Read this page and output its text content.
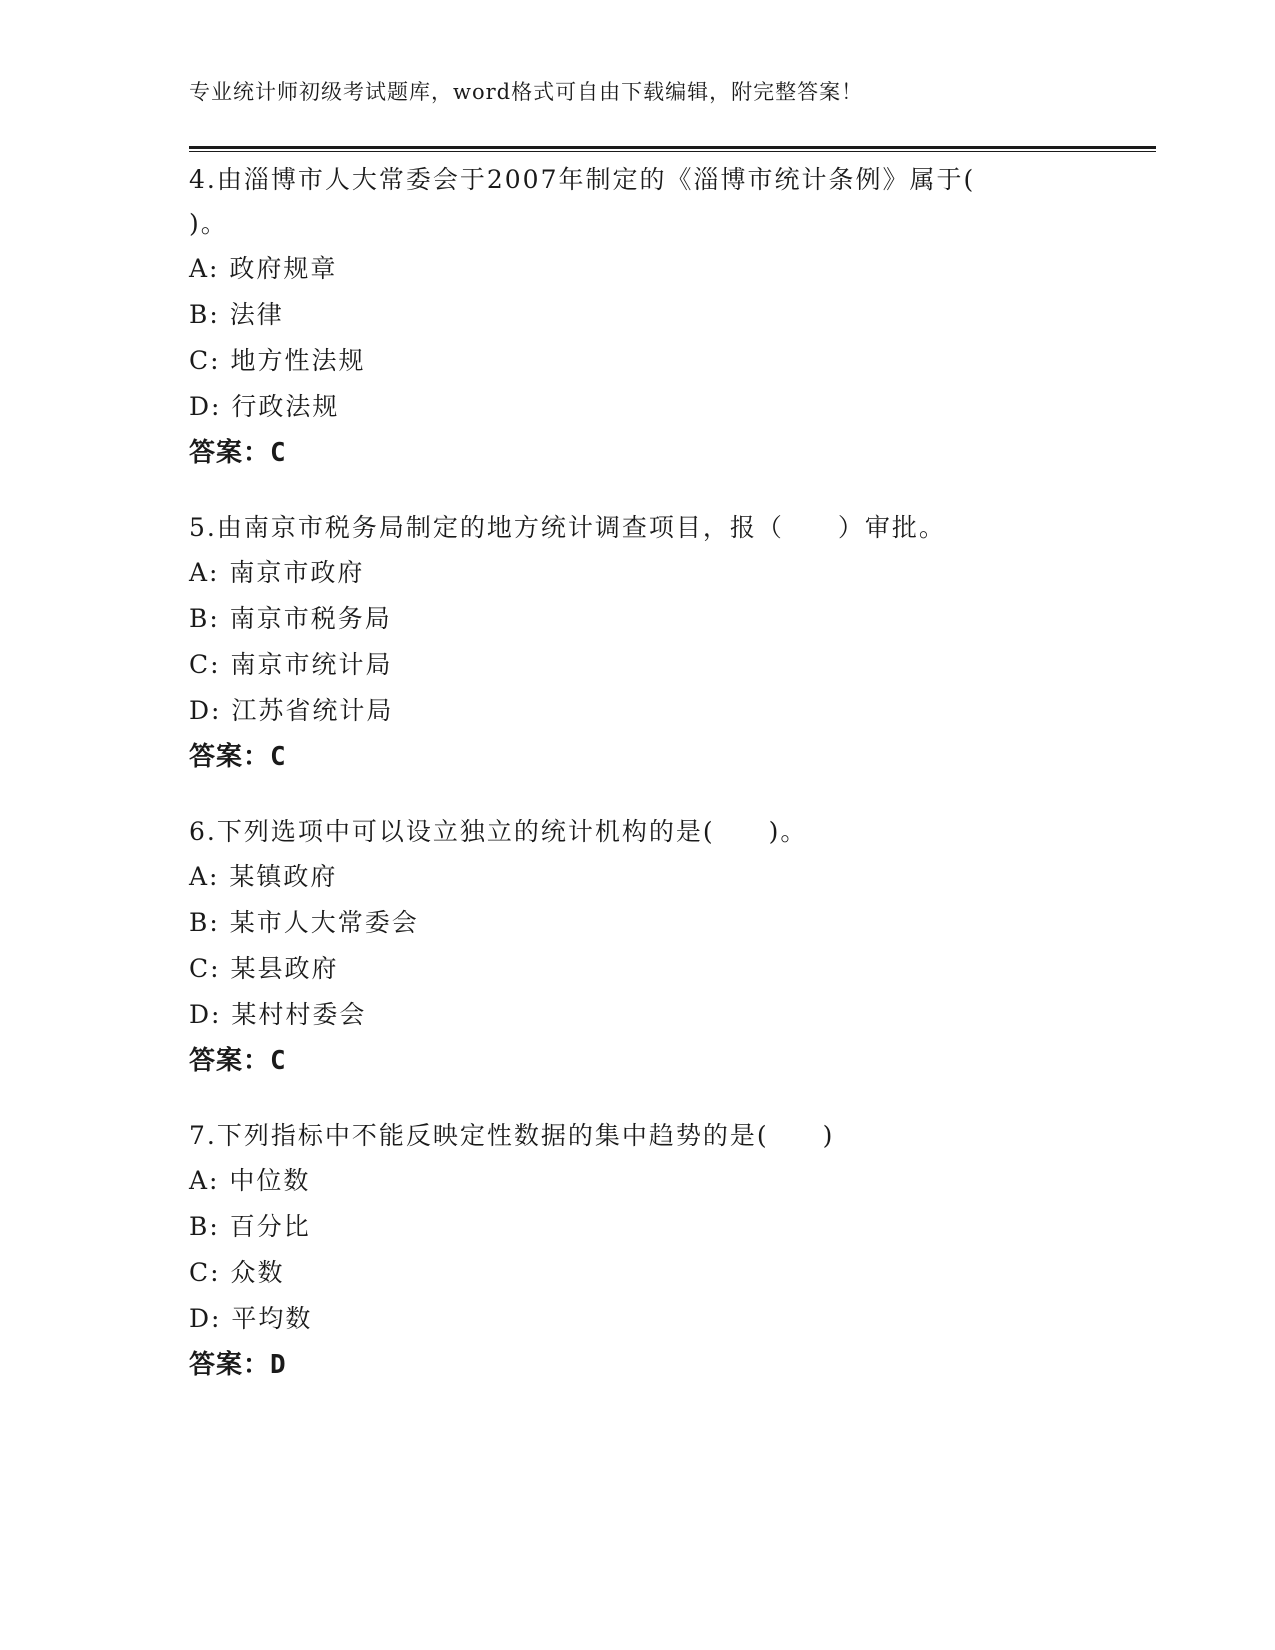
专业统计师初级考试题库，word格式可自由下载编辑，附完整答案！
4.由淄博市人大常委会于2007年制定的《淄博市统计条例》属于(
)。
A: 政府规章
B: 法律
C: 地方性法规
D: 行政法规
答案：C
5.由南京市税务局制定的地方统计调查项目，报（　　）审批。
A: 南京市政府
B: 南京市税务局
C: 南京市统计局
D: 江苏省统计局
答案：C
6.下列选项中可以设立独立的统计机构的是(　　)。
A: 某镇政府
B: 某市人大常委会
C: 某县政府
D: 某村村委会
答案：C
7.下列指标中不能反映定性数据的集中趋势的是(　　)
A: 中位数
B: 百分比
C: 众数
D: 平均数
答案：D
